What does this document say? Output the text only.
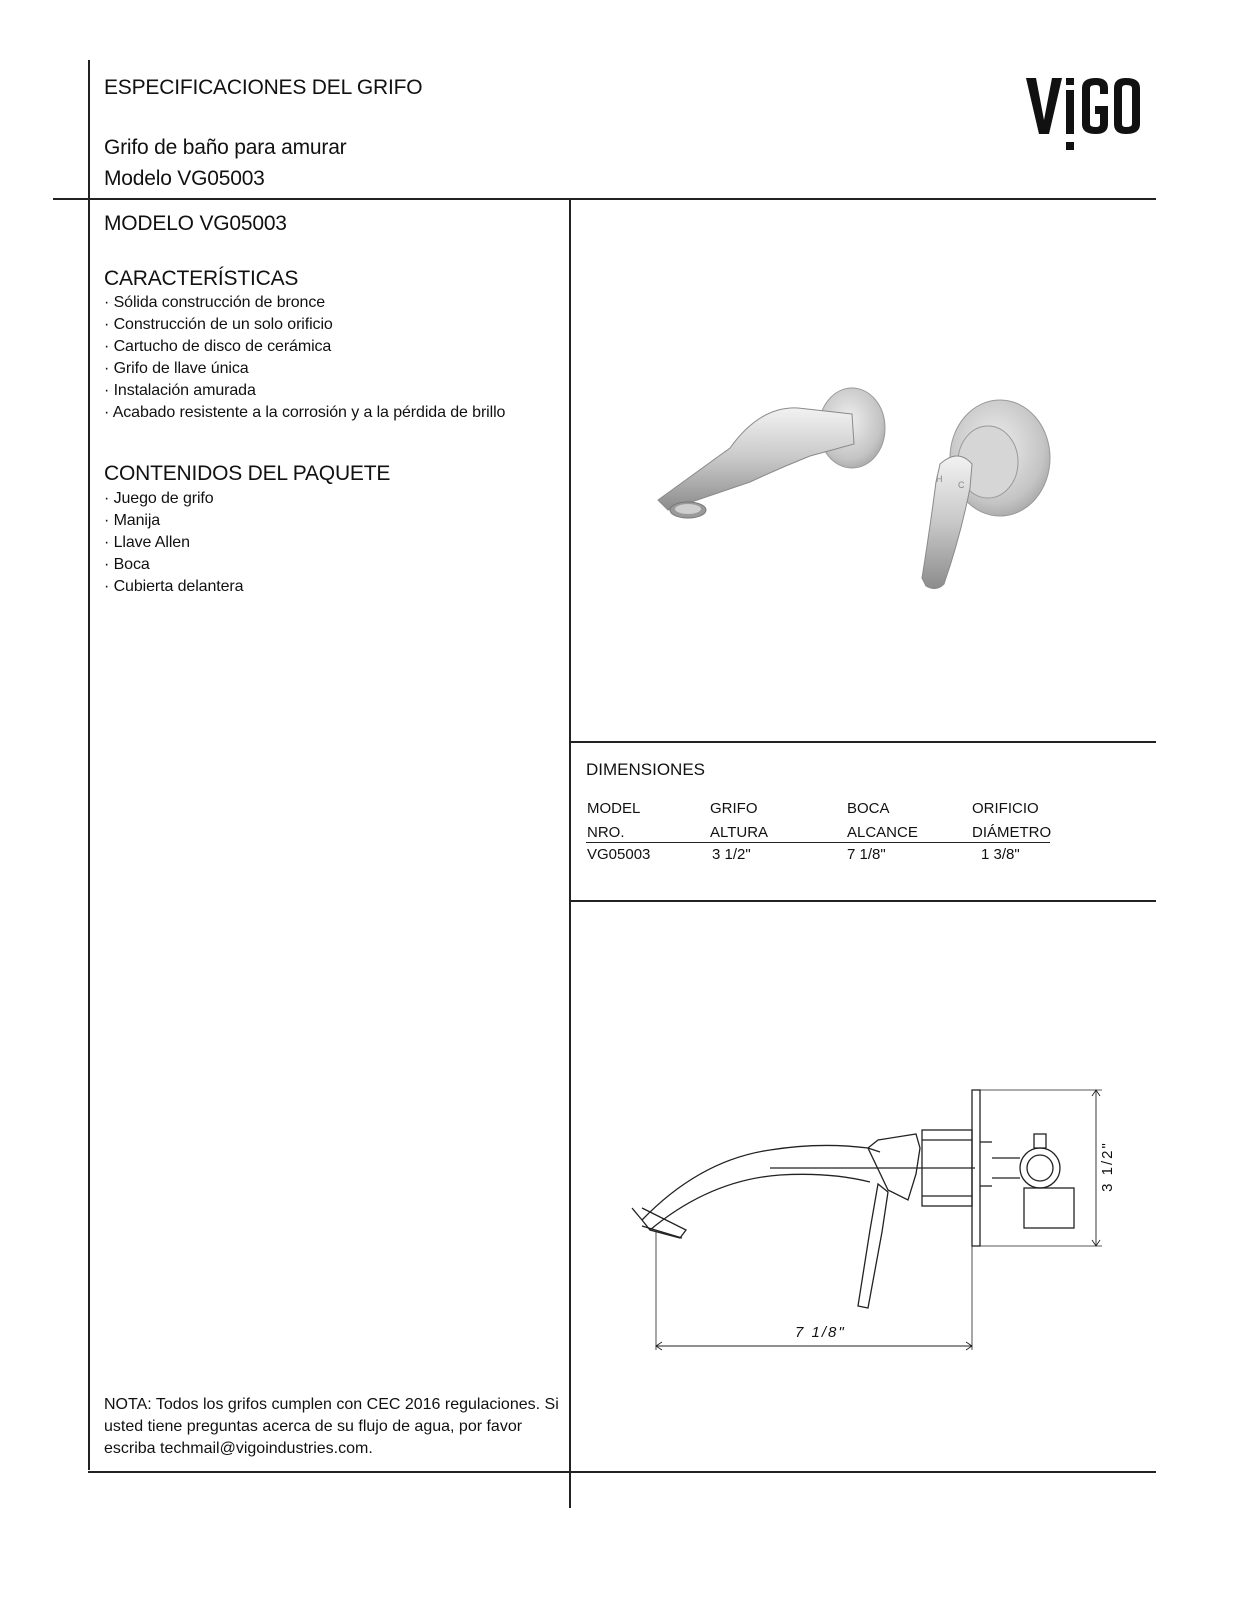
ESPECIFICACIONES DEL GRIFO
Grifo de baño para amurar
Modelo VG05003
MODELO VG05003
CARACTERÍSTICAS
· Sólida construcción de bronce
· Construcción de un solo orificio
· Cartucho de disco de cerámica
· Grifo de llave única
· Instalación amurada
· Acabado resistente a la corrosión y a la pérdida de brillo
CONTENIDOS DEL PAQUETE
· Juego de grifo
· Manija
· Llave Allen
· Boca
· Cubierta delantera
NOTA: Todos los grifos cumplen con CEC 2016 regulaciones. Si
usted tiene preguntas acerca de su flujo de agua, por favor
escriba techmail@vigoindustries.com.
H
C
DIMENSIONES
MODEL	GRIFO	BOCA	ORIFICIO
NRO.	ALTURA	ALCANCE	DIÁMETRO
VG05003	3 1/2"	7 1/8"	1 3/8"
7 1/8"
3 1/2"
